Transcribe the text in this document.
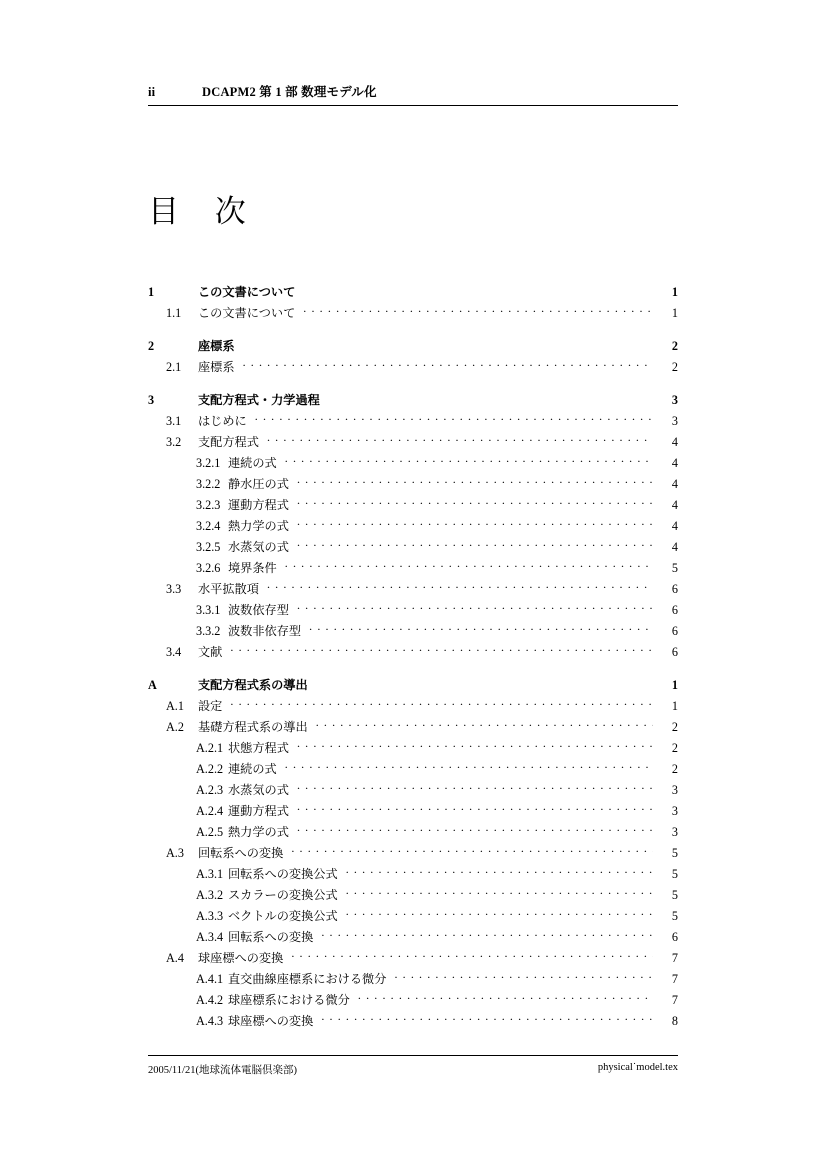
ii	DCAPM2 第 1 部 数理モデル化
目 次
1	この文書について	1
1.1	この文書について . . .	1
2	座標系	2
2.1	座標系 . . .	2
3	支配方程式・力学過程	3
3.1	はじめに . . .	3
3.2	支配方程式 . . .	4
3.2.1 連続の式 . . .	4
3.2.2 静水圧の式 . . .	4
3.2.3 運動方程式 . . .	4
3.2.4 熱力学の式 . . .	4
3.2.5 水蒸気の式 . . .	4
3.2.6 境界条件 . . .	5
3.3	水平拡散項 . . .	6
3.3.1 波数依存型 . . .	6
3.3.2 波数非依存型 . . .	6
3.4	文献 . . .	6
A	支配方程式系の導出	1
A.1	設定 . . .	1
A.2	基礎方程式系の導出 . . .	2
A.2.1 状態方程式 . . .	2
A.2.2 連続の式 . . .	2
A.2.3 水蒸気の式 . . .	3
A.2.4 運動方程式 . . .	3
A.2.5 熱力学の式 . . .	3
A.3	回転系への変換 . . .	5
A.3.1 回転系への変換公式 . . .	5
A.3.2 スカラーの変換公式 . . .	5
A.3.3 ベクトルの変換公式 . . .	5
A.3.4 回転系への変換 . . .	6
A.4	球座標への変換 . . .	7
A.4.1 直交曲線座標系における微分 . . .	7
A.4.2 球座標系における微分 . . .	7
A.4.3 球座標への変換 . . .	8
2005/11/21(地球流体電脳倶楽部)	physical˙model.tex
